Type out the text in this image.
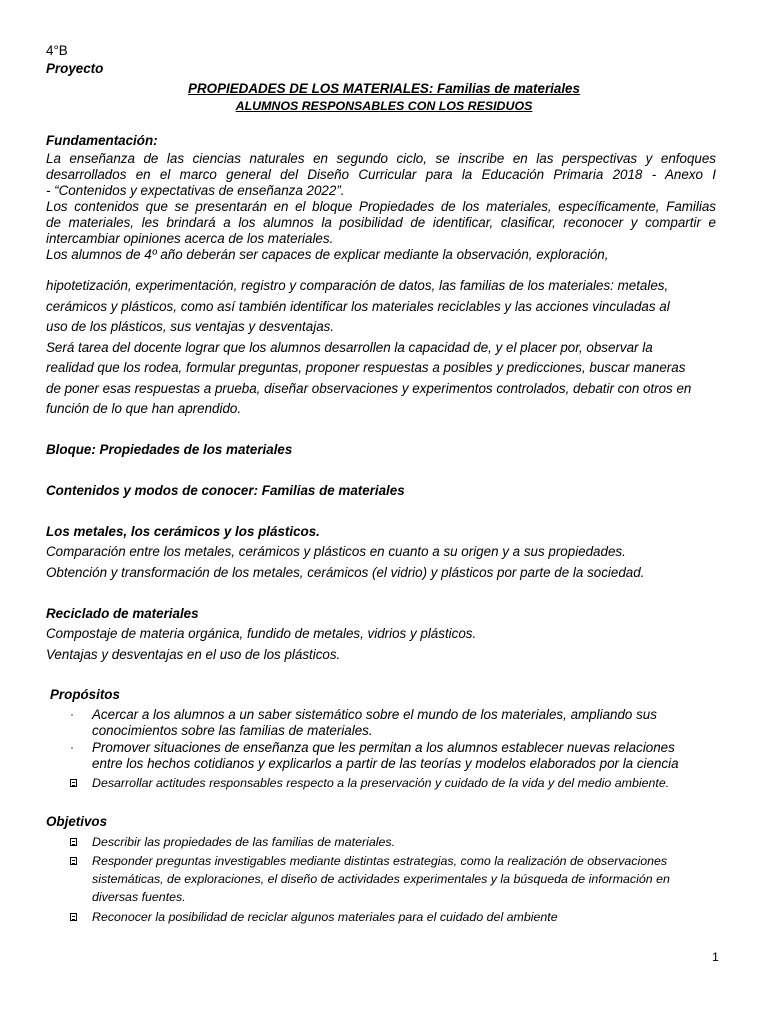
4°B
Proyecto
PROPIEDADES DE LOS MATERIALES: Familias de materiales
ALUMNOS RESPONSABLES CON LOS RESIDUOS
Fundamentación:
La enseñanza de las ciencias naturales en segundo ciclo, se inscribe en las perspectivas y enfoques
desarrollados en el marco general del Diseño Curricular para la Educación Primaria 2018 - Anexo I
- “Contenidos y expectativas de enseñanza 2022”.
Los contenidos que se presentarán en el bloque Propiedades de los materiales, específicamente, Familias
de materiales, les brindará a los alumnos la posibilidad de identificar, clasificar, reconocer y compartir e
intercambiar opiniones acerca de los materiales.
Los alumnos de 4º año deberán ser capaces de explicar mediante la observación, exploración,
hipotetización, experimentación, registro y comparación de datos, las familias de los materiales: metales,
cerámicos y plásticos, como así también identificar los materiales reciclables y las acciones vinculadas al
uso de los plásticos, sus ventajas y desventajas.
Será tarea del docente lograr que los alumnos desarrollen la capacidad de, y el placer por, observar la
realidad que los rodea, formular preguntas, proponer respuestas a posibles y predicciones, buscar maneras
de poner esas respuestas a prueba, diseñar observaciones y experimentos controlados, debatir con otros en
función de lo que han aprendido.
Bloque: Propiedades de los materiales
Contenidos y modos de conocer: Familias de materiales
Los metales, los cerámicos y los plásticos.
Comparación entre los metales, cerámicos y plásticos en cuanto a su origen y a sus propiedades.
Obtención y transformación de los metales, cerámicos (el vidrio) y plásticos por parte de la sociedad.
Reciclado de materiales
Compostaje de materia orgánica, fundido de metales, vidrios y plásticos.
Ventajas y desventajas en el uso de los plásticos.
Propósitos
· Acercar a los alumnos a un saber sistemático sobre el mundo de los materiales, ampliando sus
conocimientos sobre las familias de materiales.
· Promover situaciones de enseñanza que les permitan a los alumnos establecer nuevas relaciones
entre los hechos cotidianos y explicarlos a partir de las teorías y modelos elaborados por la ciencia
Desarrollar actitudes responsables respecto a la preservación y cuidado de la vida y del medio ambiente.
Objetivos
Describir las propiedades de las familias de materiales.
Responder preguntas investigables mediante distintas estrategias, como la realización de observaciones
sistemáticas, de exploraciones, el diseño de actividades experimentales y la búsqueda de información en
diversas fuentes.
Reconocer la posibilidad de reciclar algunos materiales para el cuidado del ambiente
1
